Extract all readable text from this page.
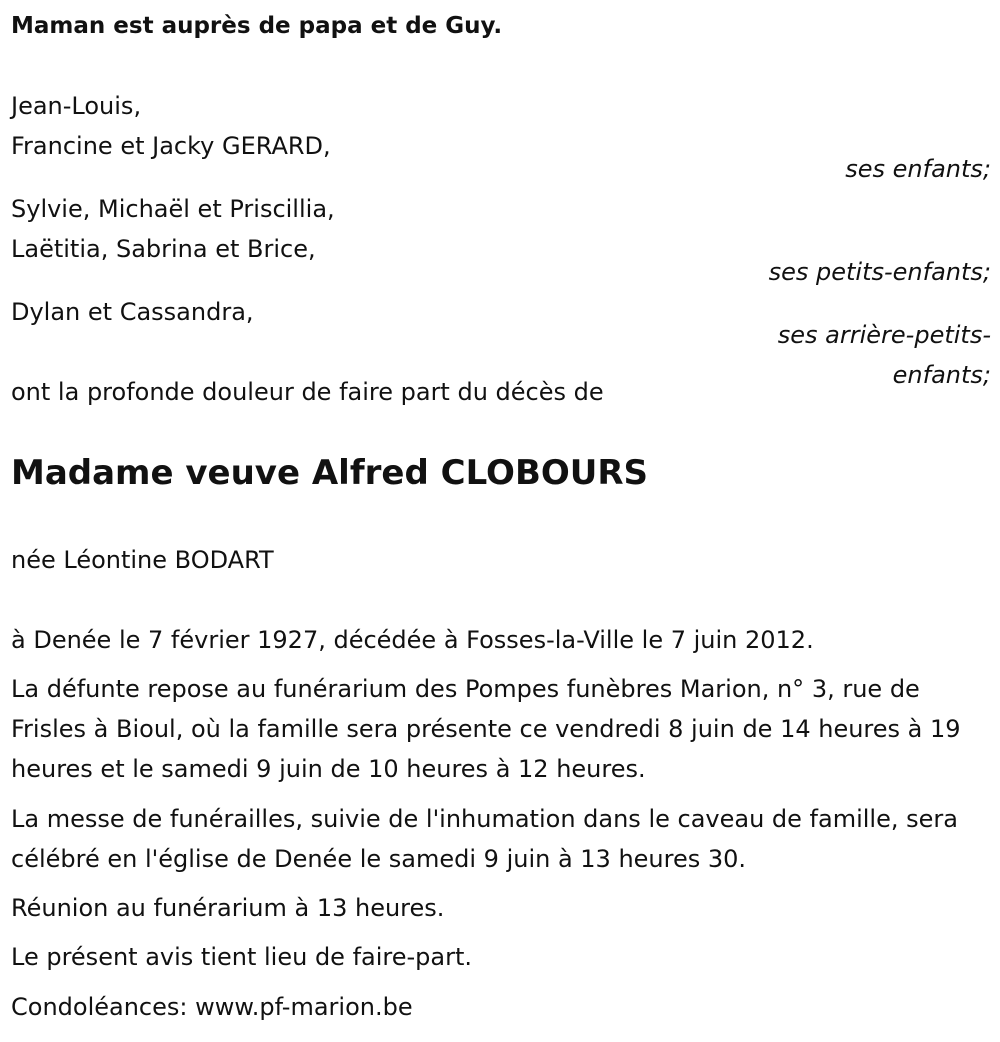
Maman est auprès de papa et de Guy.
Jean-Louis,
Francine et Jacky GERARD,
ses enfants;
Sylvie, Michaël et Priscillia,
Laëtitia, Sabrina et Brice,
ses petits-enfants;
Dylan et Cassandra,
ses arrière-petits-
enfants;
ont la profonde douleur de faire part du décès de
Madame veuve Alfred CLOBOURS
née Léontine BODART
à Denée le 7 février 1927, décédée à Fosses-la-Ville le 7 juin 2012.
La défunte repose au funérarium des Pompes funèbres Marion, n° 3, rue de Frisles à Bioul, où la famille sera présente ce vendredi 8 juin de 14 heures à 19 heures et le samedi 9 juin de 10 heures à 12 heures.
La messe de funérailles, suivie de l'inhumation dans le caveau de famille, sera célébré en l'église de Denée le samedi 9 juin à 13 heures 30.
Réunion au funérarium à 13 heures.
Le présent avis tient lieu de faire-part.
Condoléances: www.pf-marion.be
